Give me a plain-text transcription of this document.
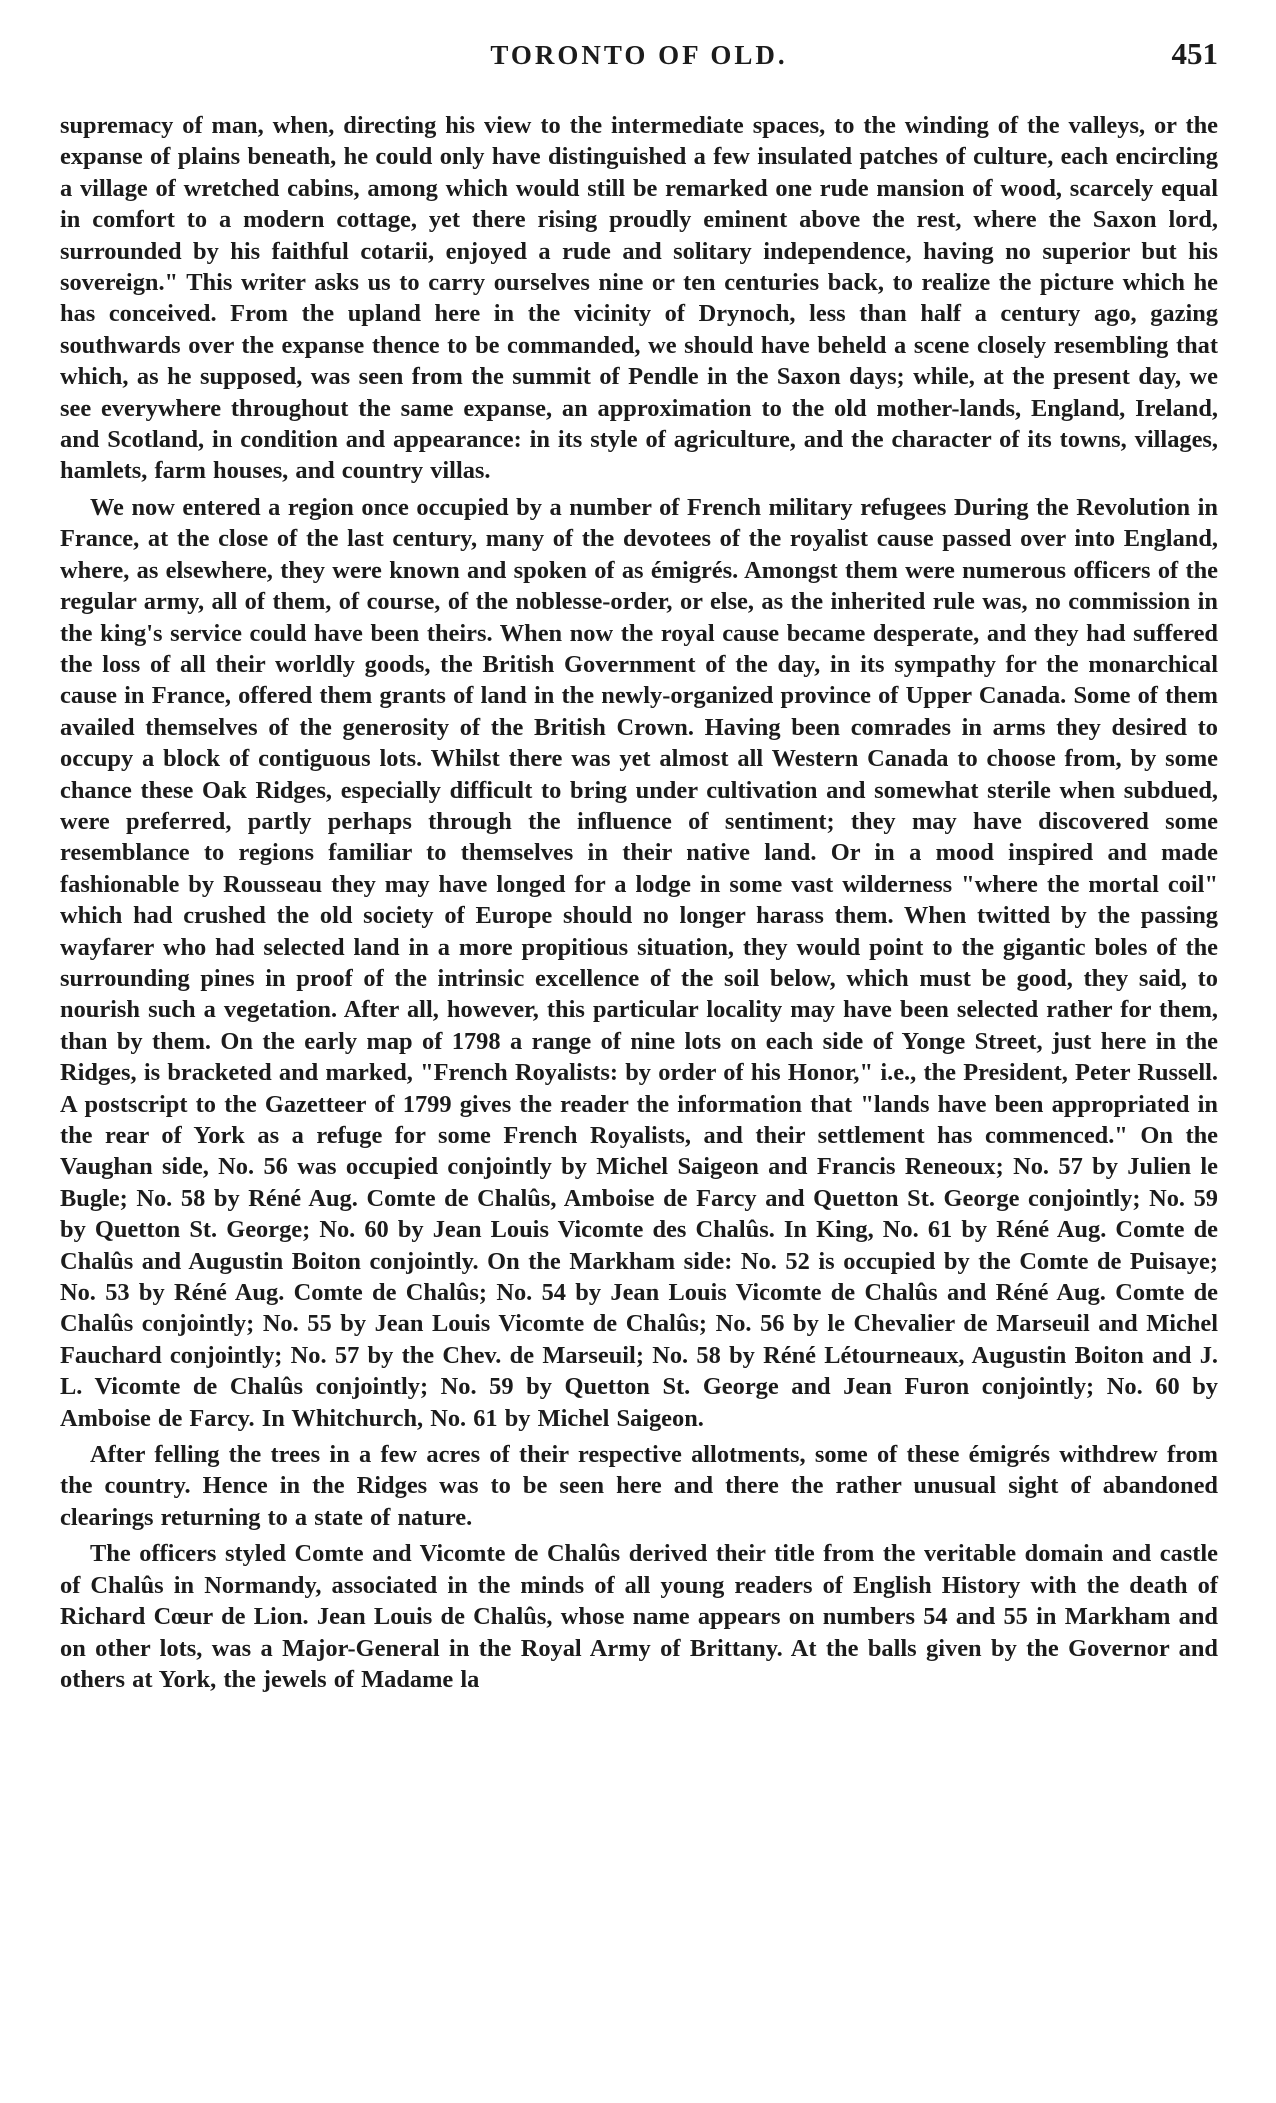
TORONTO OF OLD.	451

supremacy of man, when, directing his view to the intermediate spaces, to the winding of the valleys, or the expanse of plains beneath, he could only have distinguished a few insulated patches of culture, each encircling a village of wretched cabins, among which would still be remarked one rude mansion of wood, scarcely equal in comfort to a modern cottage, yet there rising proudly eminent above the rest, where the Saxon lord, surrounded by his faithful cotarii, enjoyed a rude and solitary independence, having no superior but his sovereign." This writer asks us to carry ourselves nine or ten centuries back, to realize the picture which he has conceived. From the upland here in the vicinity of Drynoch, less than half a century ago, gazing southwards over the expanse thence to be commanded, we should have beheld a scene closely resembling that which, as he supposed, was seen from the summit of Pendle in the Saxon days; while, at the present day, we see everywhere throughout the same expanse, an approximation to the old mother-lands, England, Ireland, and Scotland, in condition and appearance: in its style of agriculture, and the character of its towns, villages, hamlets, farm houses, and country villas.

We now entered a region once occupied by a number of French military refugees During the Revolution in France, at the close of the last century, many of the devotees of the royalist cause passed over into England, where, as elsewhere, they were known and spoken of as émigrés. Amongst them were numerous officers of the regular army, all of them, of course, of the noblesse-order, or else, as the inherited rule was, no commission in the king's service could have been theirs. When now the royal cause became desperate, and they had suffered the loss of all their worldly goods, the British Government of the day, in its sympathy for the monarchical cause in France, offered them grants of land in the newly-organized province of Upper Canada. Some of them availed themselves of the generosity of the British Crown. Having been comrades in arms they desired to occupy a block of contiguous lots. Whilst there was yet almost all Western Canada to choose from, by some chance these Oak Ridges, especially difficult to bring under cultivation and somewhat sterile when subdued, were preferred, partly perhaps through the influence of sentiment; they may have discovered some resemblance to regions familiar to themselves in their native land. Or in a mood inspired and made fashionable by Rousseau they may have longed for a lodge in some vast wilderness "where the mortal coil" which had crushed the old society of Europe should no longer harass them. When twitted by the passing wayfarer who had selected land in a more propitious situation, they would point to the gigantic boles of the surrounding pines in proof of the intrinsic excellence of the soil below, which must be good, they said, to nourish such a vegetation. After all, however, this particular locality may have been selected rather for them, than by them. On the early map of 1798 a range of nine lots on each side of Yonge Street, just here in the Ridges, is bracketed and marked, "French Royalists: by order of his Honor," i.e., the President, Peter Russell. A postscript to the Gazetteer of 1799 gives the reader the information that "lands have been appropriated in the rear of York as a refuge for some French Royalists, and their settlement has commenced." On the Vaughan side, No. 56 was occupied conjointly by Michel Saigeon and Francis Reneoux; No. 57 by Julien le Bugle; No. 58 by Réné Aug. Comte de Chalûs, Amboise de Farcy and Quetton St. George conjointly; No. 59 by Quetton St. George; No. 60 by Jean Louis Vicomte des Chalûs. In King, No. 61 by Réné Aug. Comte de Chalûs and Augustin Boiton conjointly. On the Markham side: No. 52 is occupied by the Comte de Puisaye; No. 53 by Réné Aug. Comte de Chalûs; No. 54 by Jean Louis Vicomte de Chalûs and Réné Aug. Comte de Chalûs conjointly; No. 55 by Jean Louis Vicomte de Chalûs; No. 56 by le Chevalier de Marseuil and Michel Fauchard conjointly; No. 57 by the Chev. de Marseuil; No. 58 by Réné Létourneaux, Augustin Boiton and J. L. Vicomte de Chalûs conjointly; No. 59 by Quetton St. George and Jean Furon conjointly; No. 60 by Amboise de Farcy. In Whitchurch, No. 61 by Michel Saigeon.

After felling the trees in a few acres of their respective allotments, some of these émigrés withdrew from the country. Hence in the Ridges was to be seen here and there the rather unusual sight of abandoned clearings returning to a state of nature.

The officers styled Comte and Vicomte de Chalûs derived their title from the veritable domain and castle of Chalûs in Normandy, associated in the minds of all young readers of English History with the death of Richard Cœur de Lion. Jean Louis de Chalûs, whose name appears on numbers 54 and 55 in Markham and on other lots, was a Major-General in the Royal Army of Brittany. At the balls given by the Governor and others at York, the jewels of Madame la
